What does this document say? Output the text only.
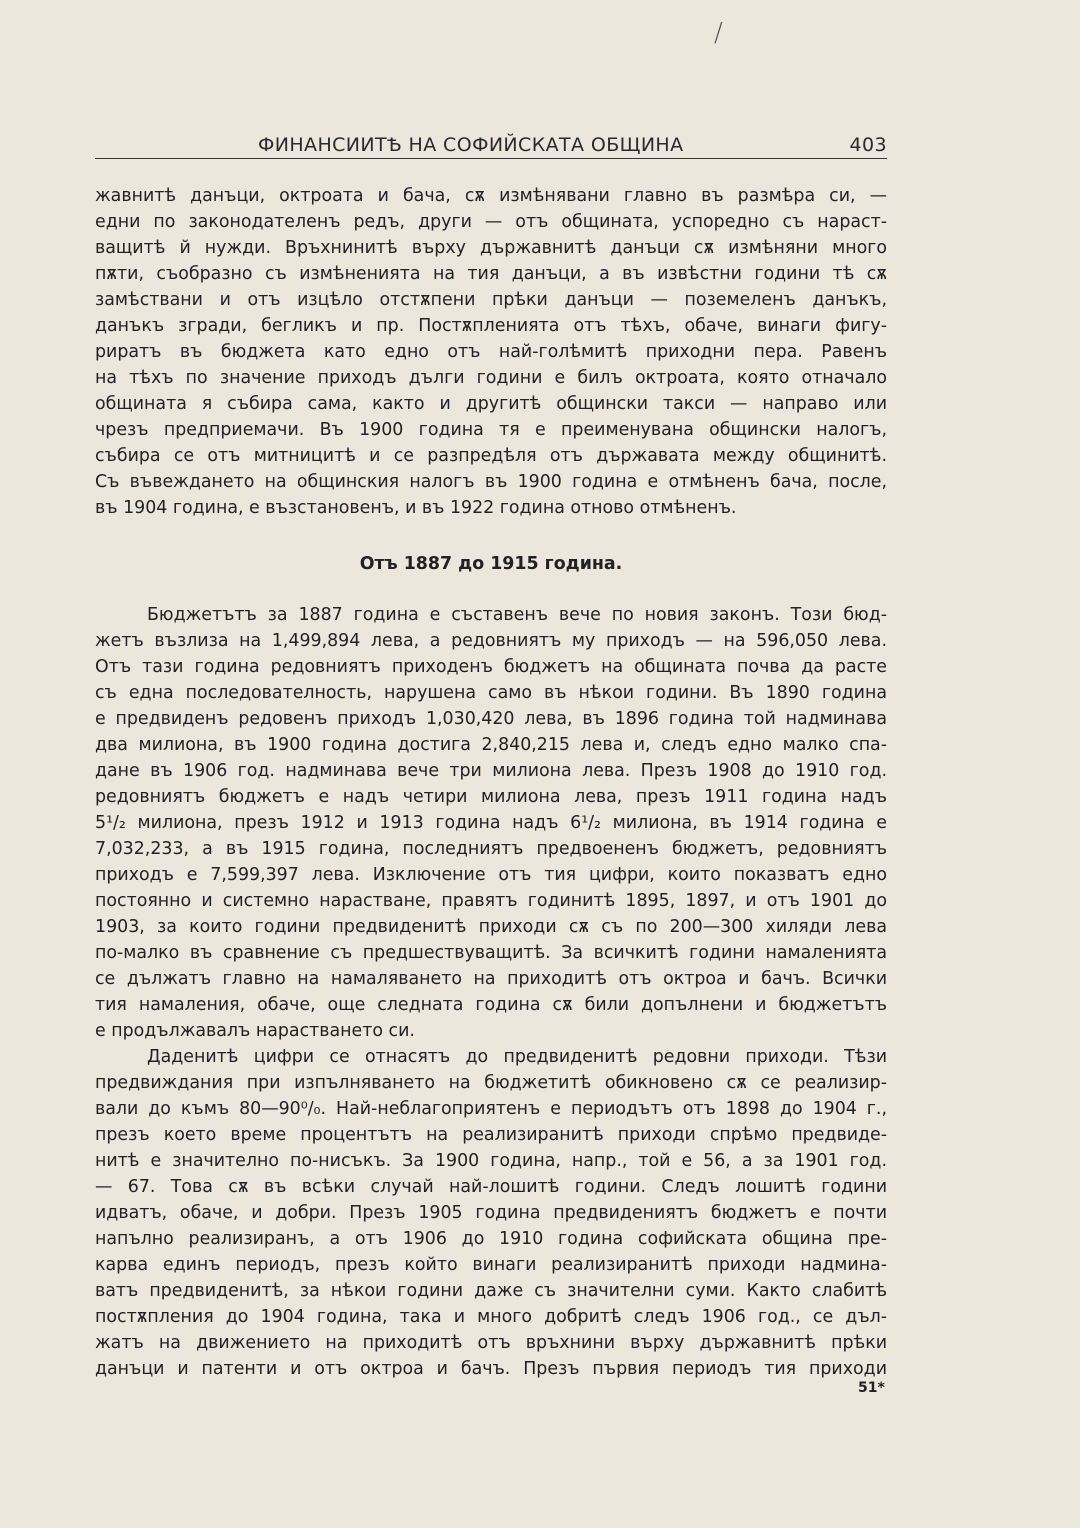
/
ФИНАНСИИТѢ НА СОФИЙСКАТА ОБЩИНА	403
жавнитѣ данъци, октроата и бача, сѫ измѣнявани главно въ размѣра си, —
едни по законодателенъ редъ, други — отъ общината, успоредно съ нараст-
ващитѣ й нужди. Връхнинитѣ върху държавнитѣ данъци сѫ измѣняни много
пѫти, съобразно съ измѣненията на тия данъци, а въ извѣстни години тѣ сѫ
замѣствани и отъ изцѣло отстѫпени прѣки данъци — поземеленъ данъкъ,
данъкъ згради, бегликъ и пр. Постѫпленията отъ тѣхъ, обаче, винаги фигу-
риратъ въ бюджета като едно отъ най-голѣмитѣ приходни пера. Равенъ
на тѣхъ по значение приходъ дълги години е билъ октроата, която отначало
общината я събира сама, както и другитѣ общински такси — направо или
чрезъ предприемачи. Въ 1900 година тя е преименувана общински налогъ,
събира се отъ митницитѣ и се разпредѣля отъ държавата между общинитѣ.
Съ въвеждането на общинския налогъ въ 1900 година е отмѣненъ бача, после,
въ 1904 година, е възстановенъ, и въ 1922 година отново отмѣненъ.
Отъ 1887 до 1915 година.
Бюджетътъ за 1887 година е съставенъ вече по новия законъ. Този бюд-
жетъ възлиза на 1,499,894 лева, а редовниятъ му приходъ — на 596,050 лева.
Отъ тази година редовниятъ приходенъ бюджетъ на общината почва да расте
съ една последователность, нарушена само въ нѣкои години. Въ 1890 година
е предвиденъ редовенъ приходъ 1,030,420 лева, въ 1896 година той надминава
два милиона, въ 1900 година достига 2,840,215 лева и, следъ едно малко спа-
дане въ 1906 год. надминава вече три милиона лева. Презъ 1908 до 1910 год.
редовниятъ бюджетъ е надъ четири милиона лева, презъ 1911 година надъ
5¹/₂ милиона, презъ 1912 и 1913 година надъ 6¹/₂ милиона, въ 1914 година е
7,032,233, а въ 1915 година, последниятъ предвоененъ бюджетъ, редовниятъ
приходъ е 7,599,397 лева. Изключение отъ тия цифри, които показватъ едно
постоянно и системно нарастване, правятъ годинитѣ 1895, 1897, и отъ 1901 до
1903, за които години предвиденитѣ приходи сѫ съ по 200—300 хиляди лева
по-малко въ сравнение съ предшествуващитѣ. За всичкитѣ години намаленията
се дължатъ главно на намаляването на приходитѣ отъ октроа и бачъ. Всички
тия намаления, обаче, още следната година сѫ били допълнени и бюджетътъ
е продължавалъ нарастването си.
Даденитѣ цифри се отнасятъ до предвиденитѣ редовни приходи. Тѣзи
предвиждания при изпълняването на бюджетитѣ обикновено сѫ се реализир-
вали до къмъ 80—90⁰/₀. Най-неблагоприятенъ е периодътъ отъ 1898 до 1904 г.,
презъ което време процентътъ на реализиранитѣ приходи спрѣмо предвиде-
нитѣ е значително по-нисъкъ. За 1900 година, напр., той е 56, а за 1901 год.
— 67. Това сѫ въ всѣки случай най-лошитѣ години. Следъ лошитѣ години
идватъ, обаче, и добри. Презъ 1905 година предвидениятъ бюджетъ е почти
напълно реализиранъ, а отъ 1906 до 1910 година софийската община пре-
карва единъ периодъ, презъ който винаги реализиранитѣ приходи надмина-
ватъ предвиденитѣ, за нѣкои години даже съ значителни суми. Както слабитѣ
постѫпления до 1904 година, така и много добритѣ следъ 1906 год., се дъл-
жатъ на движението на приходитѣ отъ връхнини върху държавнитѣ прѣки
данъци и патенти и отъ октроа и бачъ. Презъ първия периодъ тия приходи
51*
